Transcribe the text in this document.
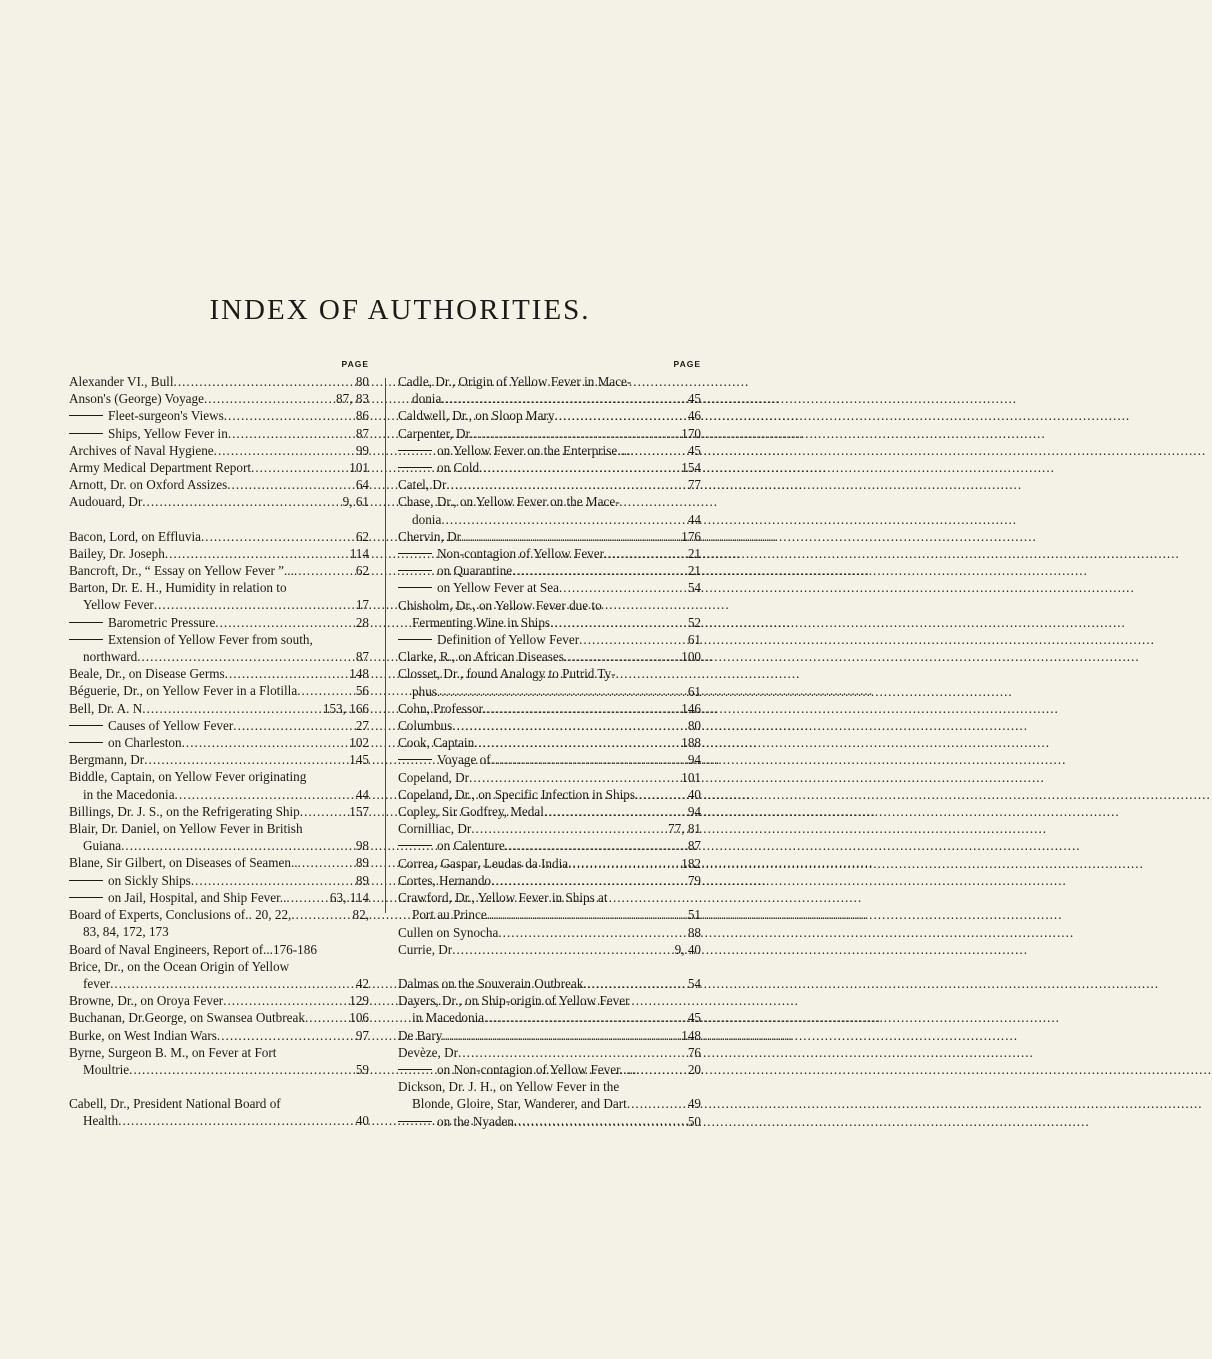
INDEX OF AUTHORITIES.
PAGE
Alexander VI., Bull .....	80
Anson's (George) Voyage .....	87, 83
Fleet-surgeon's Views .....	86
Ships, Yellow Fever in .....	87
Archives of Naval Hygiene .....	99
Army Medical Department Report .....	101
Arnott, Dr. on Oxford Assizes .....	64
Audouard, Dr .....	9, 61
Bacon, Lord, on Effluvia .....	62
Bailey, Dr. Joseph .....	114
Bancroft, Dr., “ Essay on Yellow Fever ”... .....	62
Barton, Dr. E. H., Humidity in relation to
Yellow Fever .....	17
Barometric Pressure .....	28
Extension of Yellow Fever from south,
northward .....	87
Beale, Dr., on Disease Germs .....	148
Béguerie, Dr., on Yellow Fever in a Flotilla .....	56
Bell, Dr. A. N .....	153, 166
Causes of Yellow Fever .....	27
on Charleston .....	102
Bergmann, Dr .....	145
Biddle, Captain, on Yellow Fever originating
in the Macedonia .....	44
Billings, Dr. J. S., on the Refrigerating Ship .....	157
Blair, Dr. Daniel, on Yellow Fever in British
Guiana .....	98
Blane, Sir Gilbert, on Diseases of Seamen.. .....	89
on Sickly Ships .....	89
on Jail, Hospital, and Ship Fever.. .....	63, 114
Board of Experts, Conclusions of.. 20, 22, .....	82,
83, 84, 172, 173
Board of Naval Engineers, Report of...176-186
Brice, Dr., on the Ocean Origin of Yellow
fever .....	42
Browne, Dr., on Oroya Fever .....	129
Buchanan, Dr.George, on Swansea Outbreak .....	106
Burke, on West Indian Wars .....	97
Byrne, Surgeon B. M., on Fever at Fort
Moultrie .....	59
Cabell, Dr., President National Board of
Health .....	40
PAGE
Cadle, Dr., Origin of Yellow Fever in Mace-
donia .....	45
Caldwell, Dr., on Sloop Mary .....	46
Carpenter, Dr .....	170
on Yellow Fever on the Enterprise.... .....	45
on Cold .....	154
Catel, Dr .....	77
Chase, Dr., on Yellow Fever on the Mace-
donia .....	44
Chervin, Dr .....	176
Non-contagion of Yellow Fever .....	21
on Quarantine .....	21
on Yellow Fever at Sea .....	54
Chisholm, Dr., on Yellow Fever due to
Fermenting Wine in Ships .....	52
Definition of Yellow Fever .....	61
Clarke, R., on African Diseases .....	100
Closset, Dr., found Analogy to Putrid Ty-
phus .....	61
Cohn, Professor .....	146
Columbus .....	80
Cook, Captain .....	188
Voyage of .....	94
Copeland, Dr .....	101
Copeland, Dr., on Specific Infection in Ships .....	40
Copley, Sir Godfrey, Medal .....	94
Cornilliac, Dr .....	77, 81
on Calenture .....	87
Correa, Gaspar, Leudas da India .....	182
Cortes, Hernando .....	79
Crawford, Dr., Yellow Fever in Ships at
Port au Prince .....	51
Cullen on Synocha .....	88
Currie, Dr .....	9, 40
Dalmas on the Souverain Outbreak .....	54
Dayers, Dr., on Ship-origin of Yellow Fever
in Macedonia .....	45
De Bary .....	148
Devèze, Dr .....	76
on Non-contagion of Yellow Fever..... .....	20
Dickson, Dr. J. H., on Yellow Fever in the
Blonde, Gloire, Star, Wanderer, and Dart .....	49
on the Nyaden .....	50
